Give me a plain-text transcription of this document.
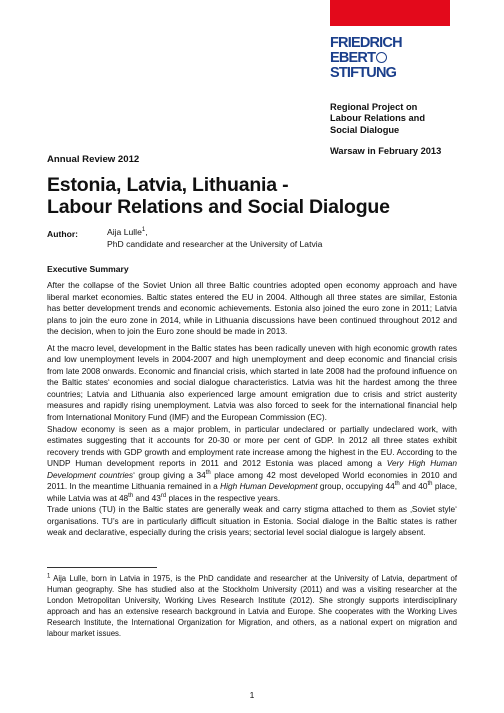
FRIEDRICH
EBERT
STIFTUNG
Regional Project on
Labour Relations and
Social Dialogue
Warsaw in February 2013
Annual Review 2012
Estonia, Latvia, Lithuania -
Labour Relations and Social Dialogue
Author:	Aija Lulle$^1$,
PhD candidate and researcher at the University of Latvia
Executive Summary

After the collapse of the Soviet Union all three Baltic countries adopted open economy approach and have liberal market economies. Baltic states entered the EU in 2004. Although all three states are similar, Estonia has better development trends and economic achievements. Estonia also joined the euro zone in 2011; Latvia plans to join the euro zone in 2014, while in Lithuania discussions have been continued throughout 2012 and the decision, when to join the Euro zone should be made in 2013.

At the macro level, development in the Baltic states has been radically uneven with high economic growth rates and low unemployment levels in 2004-2007 and high unemployment and deep economic and financial crisis from late 2008 onwards. Economic and financial crisis, which started in late 2008 had the profound influence on the Baltic states‘ economies and social dialogue characteristics. Latvia was hit the hardest among the three countries; Latvia and Lithuania also experienced large amount emigration due to crisis and strict austerity measures and rapidly rising unemployment. Latvia was also forced to seek for the international financial help from International Monitory Fund (IMF) and the European Commission (EC).

Shadow economy is seen as a major problem, in particular undeclared or partially undeclared work, with estimates suggesting that it accounts for 20-30 or more per cent of GDP. In 2012 all three states exhibit recovery trends with GDP growth and employment rate increase among the highest in the EU. According to the UNDP Human development reports in 2011 and 2012 Estonia was placed among a Very High Human Development countries‘ group giving a 34th place among 42 most developed World economies in 2010 and 2011. In the meantime Lithuania remained in a High Human Development group, occupying 44th and 40th place, while Latvia was at 48th and 43rd places in the respective years.

Trade unions (TU) in the Baltic states are generally weak and carry stigma attached to them as ‚Soviet style‘ organisations. TU’s are in particularly difficult situation in Estonia. Social dialoge in the Baltic states is rather weak and declarative, especially during the crisis years; sectorial level social dialogue is largely absent.

$^1$ Aija Lulle, born in Latvia in 1975, is the PhD candidate and researcher at the University of Latvia, department of Human geography. She has studied also at the Stockholm University (2011) and was a visiting researcher at the London Metropolitan University, Working Lives Research Institute (2012). She strongly supports interdisciplinary approach and has an extensive research background in Latvia and Europe. She cooperates with the Working Lives Research Institute, the International Organization for Migration, and others, as a national expert on migration and labour market issues.
1
